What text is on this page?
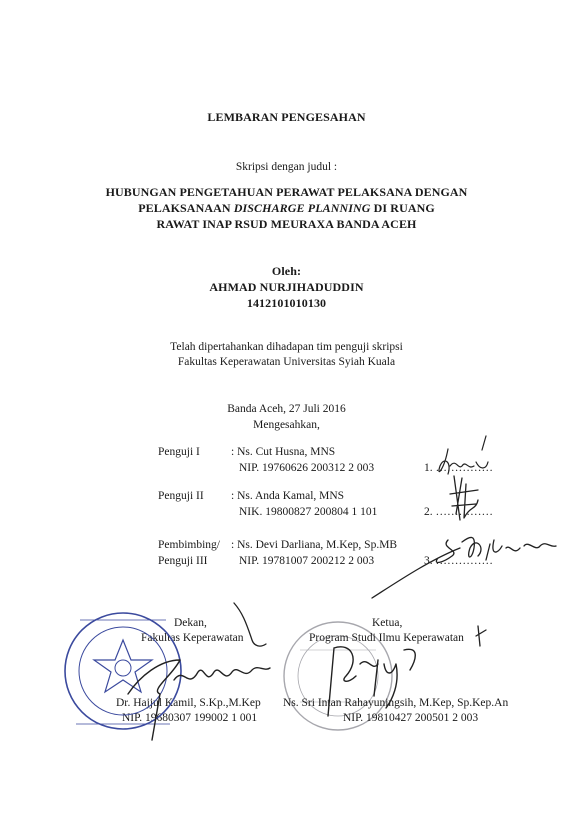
LEMBARAN PENGESAHAN
Skripsi dengan judul :
HUBUNGAN PENGETAHUAN PERAWAT PELAKSANA DENGAN
PELAKSANAAN DISCHARGE PLANNING DI RUANG
RAWAT INAP RSUD MEURAXA BANDA ACEH
Oleh:
AHMAD NURJIHADUDDIN
1412101010130
Telah dipertahankan dihadapan tim penguji skripsi
Fakultas Keperawatan Universitas Syiah Kuala
Banda Aceh, 27 Juli 2016
Mengesahkan,
Penguji I	: Ns. Cut Husna, MNS
NIP. 19760626 200312 2 003	1. ……………
Penguji II : Ns. Anda Kamal, MNS
NIK. 19800827 200804 1 101	2. ……………
Pembimbing/
Penguji III
: Ns. Devi Darliana, M.Kep, Sp.MB
NIP. 19781007 200212 2 003	3. ……………
Dekan,
Fakultas Keperawatan
Dr. Hajjul Kamil, S.Kp.,M.Kep
NIP. 19680307 199002 1 001
Ketua,
Program Studi Ilmu Keperawatan
Ns. Sri Intan Rahayuningsih, M.Kep, Sp.Kep.An
NIP. 19810427 200501 2 003
